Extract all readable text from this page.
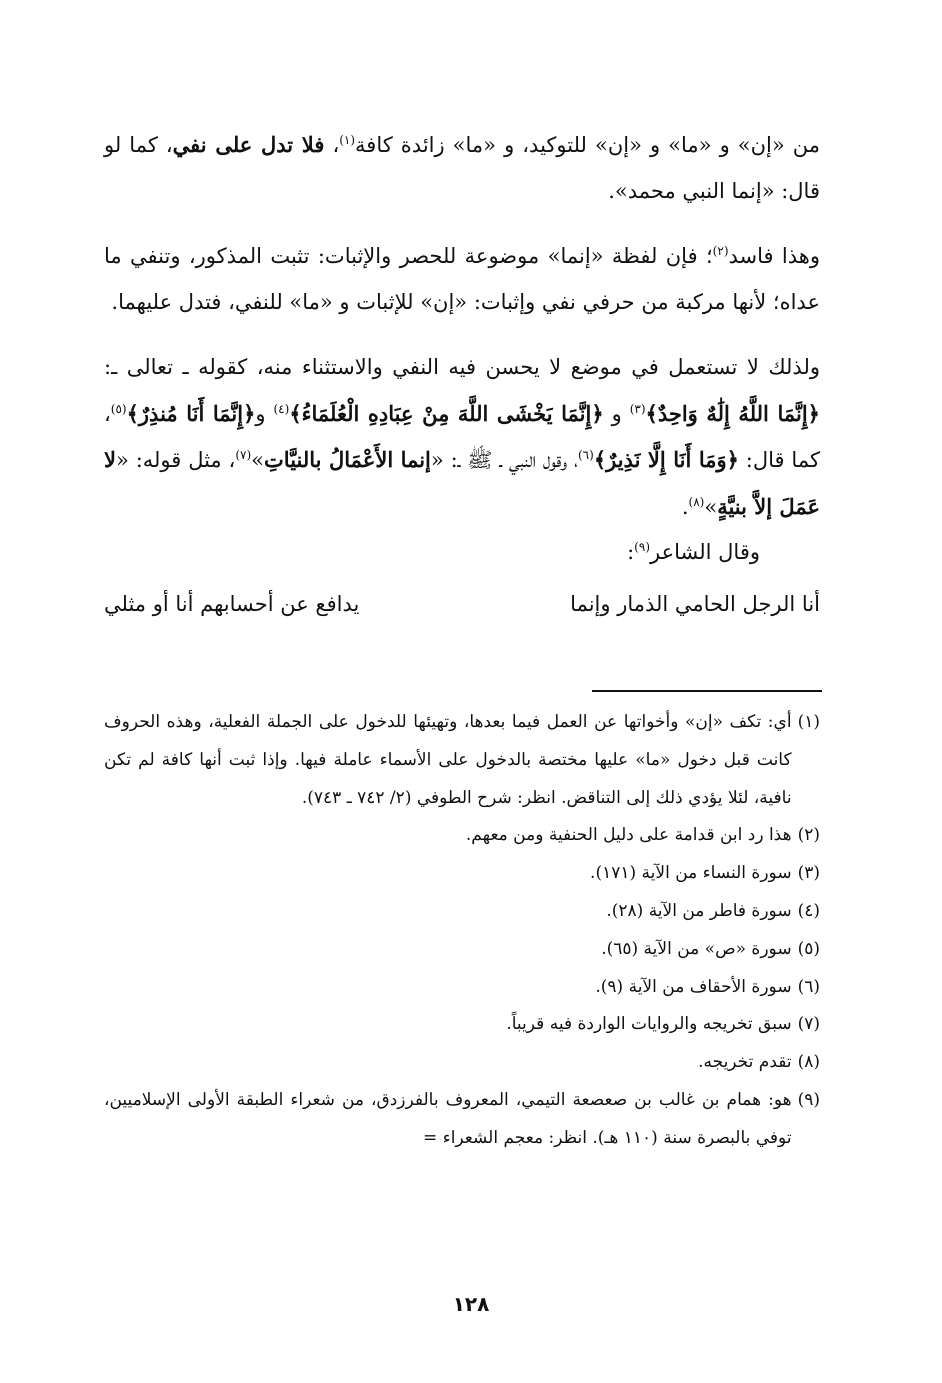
من «إن» و «ما» و «إن» للتوكيد، و «ما» زائدة كافة$^{(١)}$، فلا تدل على نفي، كما لو قال: «إنما النبي محمد».

وهذا فاسد$^{(٢)}$؛ فإن لفظة «إنما» موضوعة للحصر والإثبات: تثبت المذكور، وتنفي ما عداه؛ لأنها مركبة من حرفي نفي وإثبات: «إن» للإثبات و «ما» للنفي، فتدل عليهما.

ولذلك لا تستعمل في موضع لا يحسن فيه النفي والاستثناء منه، كقوله ـ تعالى ـ: ﴿إِنَّمَا اللَّهُ إِلَٰهٌ وَاحِدٌ﴾$^{(٣)}$ و ﴿إِنَّمَا يَخْشَى اللَّهَ مِنْ عِبَادِهِ الْعُلَمَاءُ﴾$^{(٤)}$ و﴿إِنَّمَا أَنَا مُنذِرٌ﴾$^{(٥)}$، كما قال: ﴿وَمَا أَنَا إِلَّا نَذِيرٌ﴾$^{(٦)}$، وقول النبي ـ ﷺ ـ: «إنما الأَعْمَالُ بالنيَّاتِ»$^{(٧)}$، مثل قوله: «لا عَمَلَ إلاَّ بنيَّةٍ»$^{(٨)}$.

وقال الشاعر$^{(٩)}$:

أنا الرجل الحامي الذمار وإنما
يدافع عن أحسابهم أنا أو مثلي
(١)
أي: تكف «إن» وأخواتها عن العمل فيما بعدها، وتهيئها للدخول على الجملة الفعلية، وهذه الحروف كانت قبل دخول «ما» عليها مختصة بالدخول على الأسماء عاملة فيها. وإذا ثبت أنها كافة لم تكن نافية، لئلا يؤدي ذلك إلى التناقض. انظر: شرح الطوفي (٢/ ٧٤٢ ـ ٧٤٣).
(٢)
هذا رد ابن قدامة على دليل الحنفية ومن معهم.
(٣)
سورة النساء من الآية (١٧١).
(٤)
سورة فاطر من الآية (٢٨).
(٥)
سورة «ص» من الآية (٦٥).
(٦)
سورة الأحقاف من الآية (٩).
(٧)
سبق تخريجه والروايات الواردة فيه قريباً.
(٨)
تقدم تخريجه.
(٩)
هو: همام بن غالب بن صعصعة التيمي، المعروف بالفرزدق، من شعراء الطبقة الأولى الإسلاميين، توفي بالبصرة سنة (١١٠ هـ). انظر: معجم الشعراء =
١٢٨
